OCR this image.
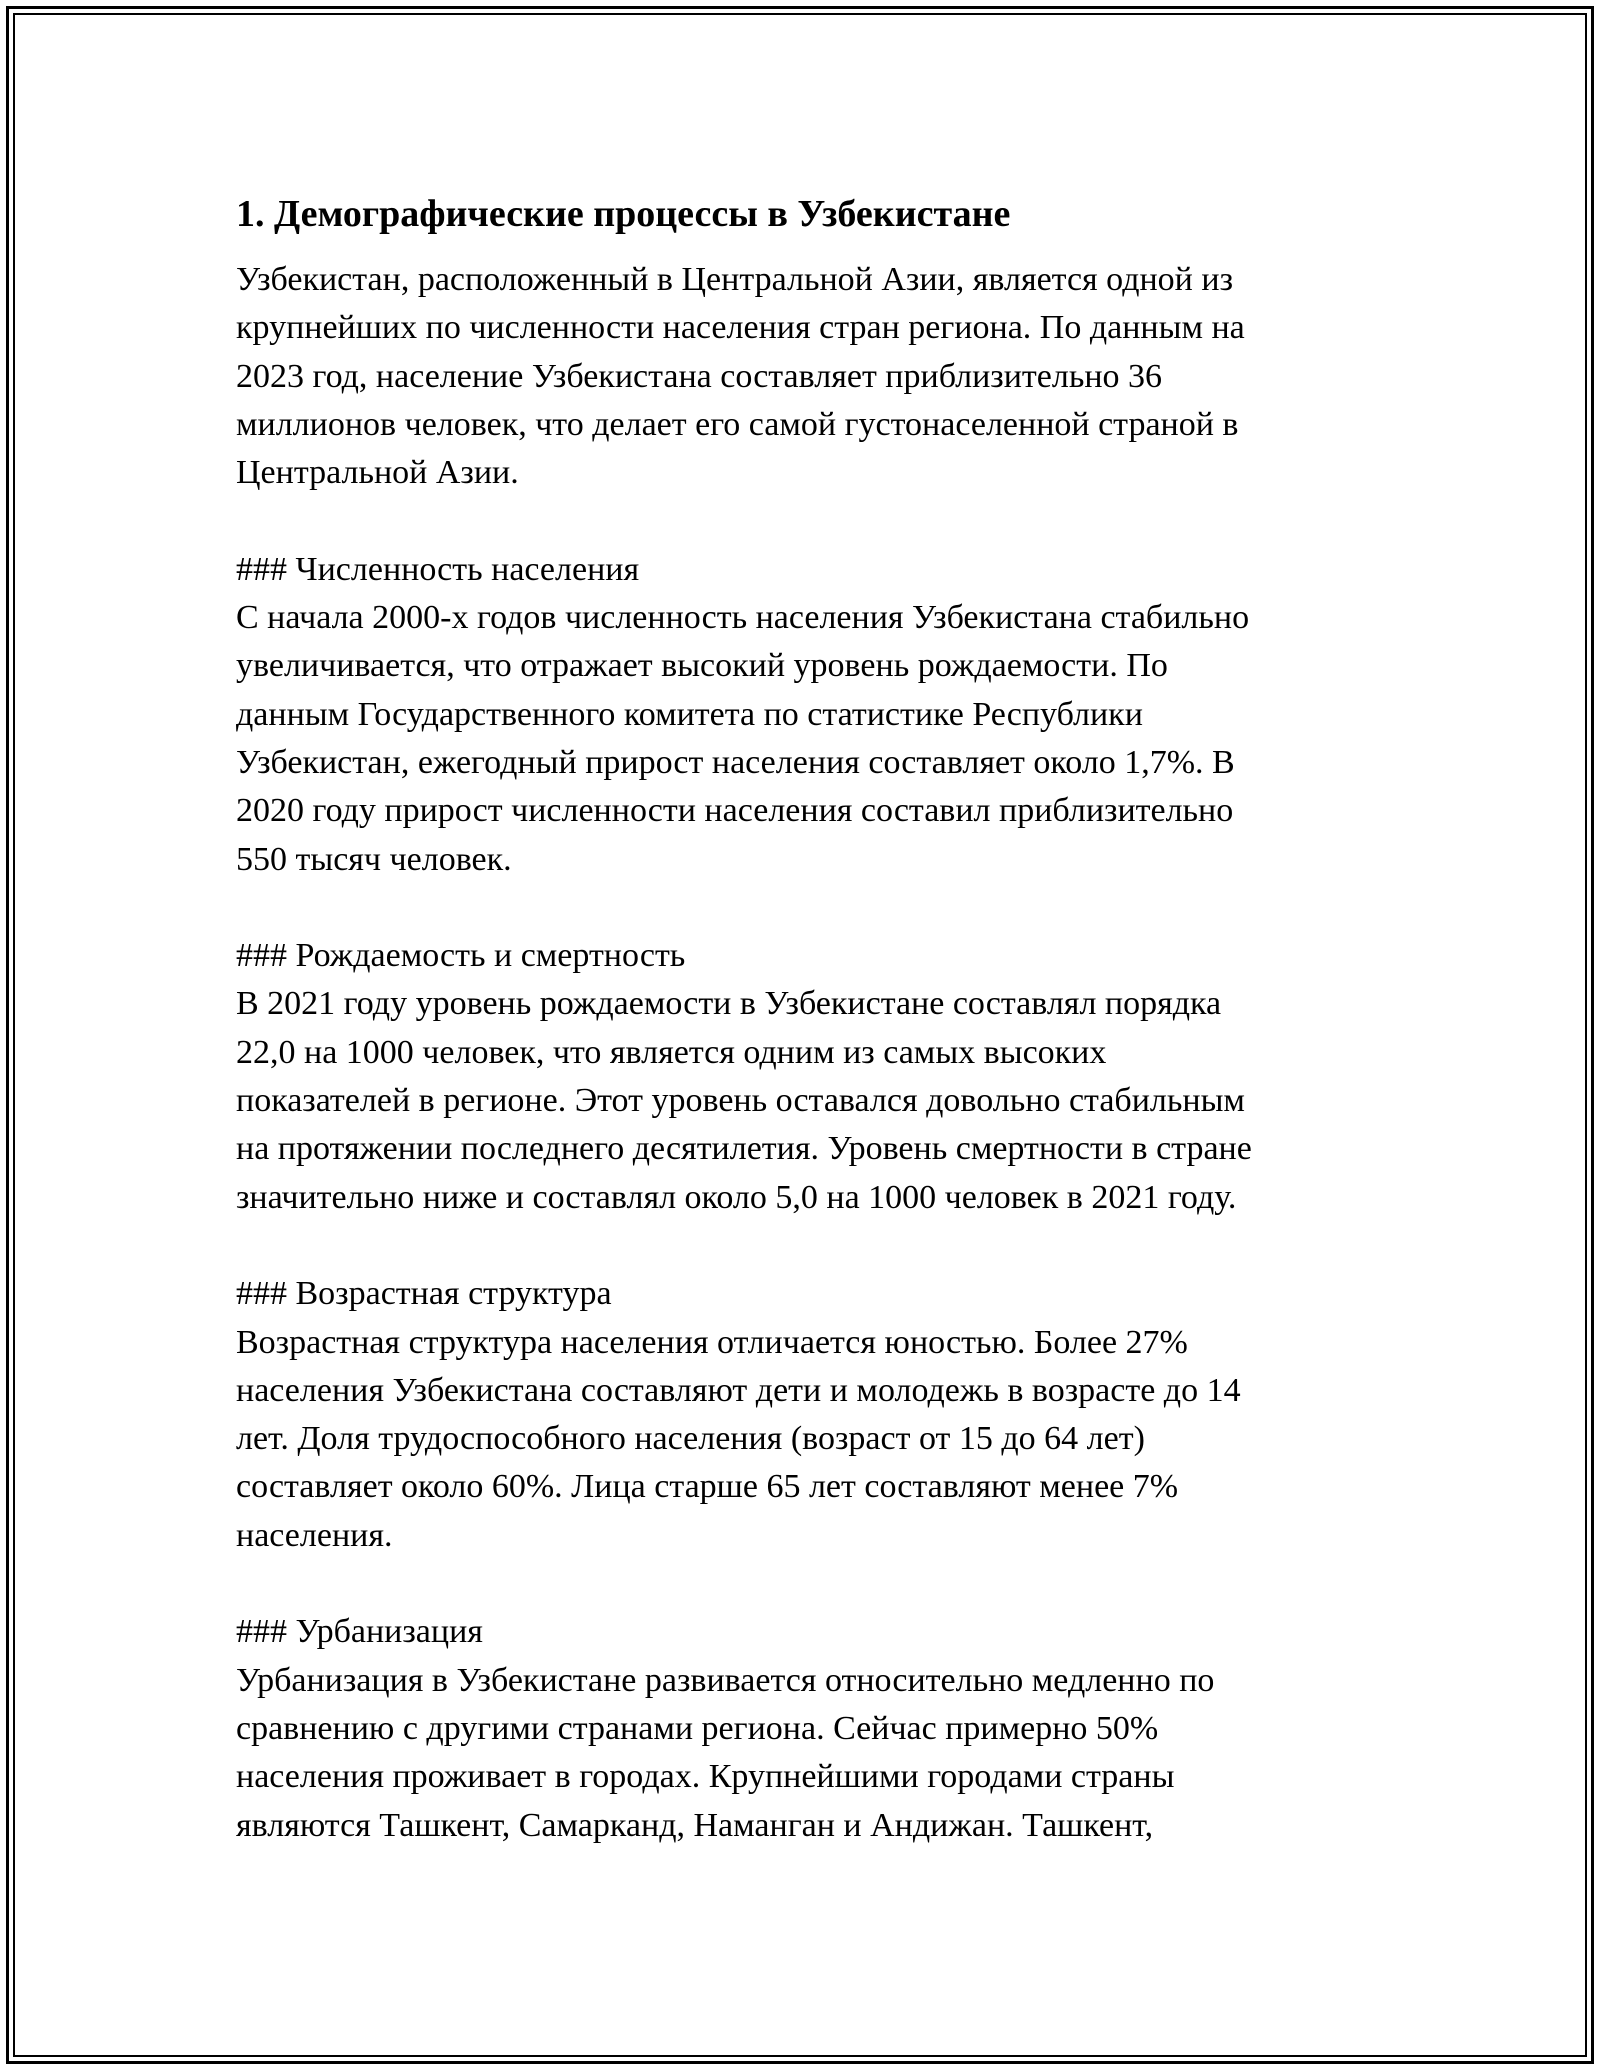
1. Демографические процессы в Узбекистане

Узбекистан, расположенный в Центральной Азии, является одной из
крупнейших по численности населения стран региона. По данным на
2023 год, население Узбекистана составляет приблизительно 36
миллионов человек, что делает его самой густонаселенной страной в
Центральной Азии.

### Численность населения

С начала 2000-х годов численность населения Узбекистана стабильно
увеличивается, что отражает высокий уровень рождаемости. По
данным Государственного комитета по статистике Республики
Узбекистан, ежегодный прирост населения составляет около 1,7%. В
2020 году прирост численности населения составил приблизительно
550 тысяч человек.

### Рождаемость и смертность

В 2021 году уровень рождаемости в Узбекистане составлял порядка
22,0 на 1000 человек, что является одним из самых высоких
показателей в регионе. Этот уровень оставался довольно стабильным
на протяжении последнего десятилетия. Уровень смертности в стране
значительно ниже и составлял около 5,0 на 1000 человек в 2021 году.

### Возрастная структура

Возрастная структура населения отличается юностью. Более 27%
населения Узбекистана составляют дети и молодежь в возрасте до 14
лет. Доля трудоспособного населения (возраст от 15 до 64 лет)
составляет около 60%. Лица старше 65 лет составляют менее 7%
населения.

### Урбанизация

Урбанизация в Узбекистане развивается относительно медленно по
сравнению с другими странами региона. Сейчас примерно 50%
населения проживает в городах. Крупнейшими городами страны
являются Ташкент, Самарканд, Наманган и Андижан. Ташкент,
